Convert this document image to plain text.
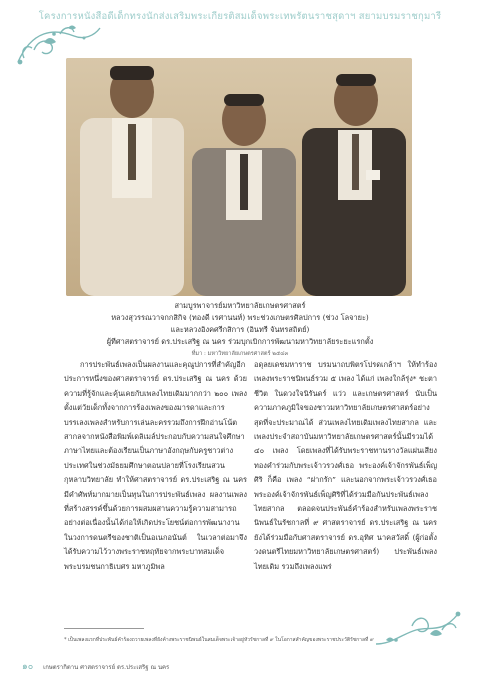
โครงการหนังสือดีเด็กทรงนักส่งเสริมพระเกียรติสมเด็จพระเทพรัตนราชสุดาฯ สยามบรมราชกุมารี
สามบูรพาจารย์มหาวิทยาลัยเกษตรศาสตร์
หลวงสุวรรณวาจกกสิกิจ (ทองดี เรศานนท์) พระช่วงเกษตรศิลปการ (ช่วง โลจายะ)
และหลวงอิงคศรีกสิการ (อินทรี จันทรสถิตย์)
ผู้ทีศาสตราจารย์ ดร.ประเสริฐ ณ นคร ร่วมบุกเบิกการพัฒนามหาวิทยาลัยระยะแรกตั้ง
ที่มา : มหาวิทยาลัยเกษตรศาสตร์ ๒๕๔๓
การประพันธ์เพลงเป็นผลงานและคุณูปการที่สำคัญอีกประการหนึ่งของศาสตราจารย์ ดร.ประเสริฐ ณ นคร ด้วยความที่รู้จักและคุ้นเคยกับเพลงไทยเดิมมากกว่า ๒๐๐ เพลงตั้งแต่วัยเด็กทั้งจากการร้องเพลงของมารดาและการบรรเลงเพลงสำหรับการเล่นละครรวมถึงการฝึกอ่านโน้ตสากลจากหนังสือพิมพ์เดลิเมล์ประกอบกับความสนใจศึกษาภาษาไทยและต้องเรียนเป็นภาษาอังกฤษกับครูชาวต่างประเทศในช่วงมัธยมศึกษาตอนปลายที่โรงเรียนสวนกุหลาบวิทยาลัย ทำให้ศาสตราจารย์ ดร.ประเสริฐ ณ นคร มีคำศัพท์มากมายเป็นทุนในการประพันธ์เพลง ผลงานเพลงที่สร้างสรรค์ขึ้นด้วยการผสมผสานความรู้ความสามารถอย่างต่อเนื่องนั้นได้ก่อให้เกิดประโยชน์ต่อการพัฒนางานในวงการดนตรีของชาติเป็นอเนกอนันต์ ในเวลาต่อมาจึงได้รับความไว้วางพระราชหฤทัยจากพระบาทสมเด็จพระบรมชนกาธิเบศร มหาภูมิพล
อดุลยเดชมหาราช บรมนาถบพิตรโปรดเกล้าฯ ให้ทำร้องเพลงพระราชนิพนธ์รวม ๕ เพลง ได้แก่ เพลงใกล้รุ่ง* ชะตาชีวิต ในดวงใจนิรันดร์ แว่ว และเกษตรศาสตร์ นับเป็นความภาคภูมิใจของชาวมหาวิทยาลัยเกษตรศาสตร์อย่างสุดที่จะประมาณได้ ส่วนเพลงไทยเดิมเพลงไทยสากล และเพลงประจำสถาบันมหาวิทยาลัยเกษตรศาสตร์นั้นมีรวมได้ ๔๐ เพลง โดยเพลงที่ได้รับพระราชทานรางวัลแผ่นเสียงทองคำร่วมกับพระเจ้าวรวงศ์เธอ พระองค์เจ้าจักรพันธ์เพ็ญศิริ ก็คือ เพลง “ฝากรัก” และนอกจากพระเจ้าวรวงศ์เธอ พระองค์เจ้าจักรพันธ์เพ็ญศิริที่ได้ร่วมมือกันประพันธ์เพลงไทยสากล ตลอดจนประพันธ์คำร้องสำหรับเพลงพระราชนิพนธ์ในรัชกาลที่ ๙ ศาสตราจารย์ ดร.ประเสริฐ ณ นคร ยังได้ร่วมมือกับศาสตราจารย์ ดร.อุทิศ นาคสวัสดิ์ (ผู้ก่อตั้งวงดนตรีไทยมหาวิทยาลัยเกษตรศาสตร์) ประพันธ์เพลงไทยเดิม รวมถึงเพลงแพร่
* เป็นเพลงแรกที่ประพันธ์คำร้องถวายเพลงที่ยังค้างพระราชนิพนธ์ในสมเด็จพระเจ้าอยู่หัวรัชกาลที่ ๙ ในโอกาสสำคัญของพระราชประวัติรัชกาลที่ ๙
๑๐ เกษตรากิตาน ศาสตราจารย์ ดร.ประเสริฐ ณ นคร
